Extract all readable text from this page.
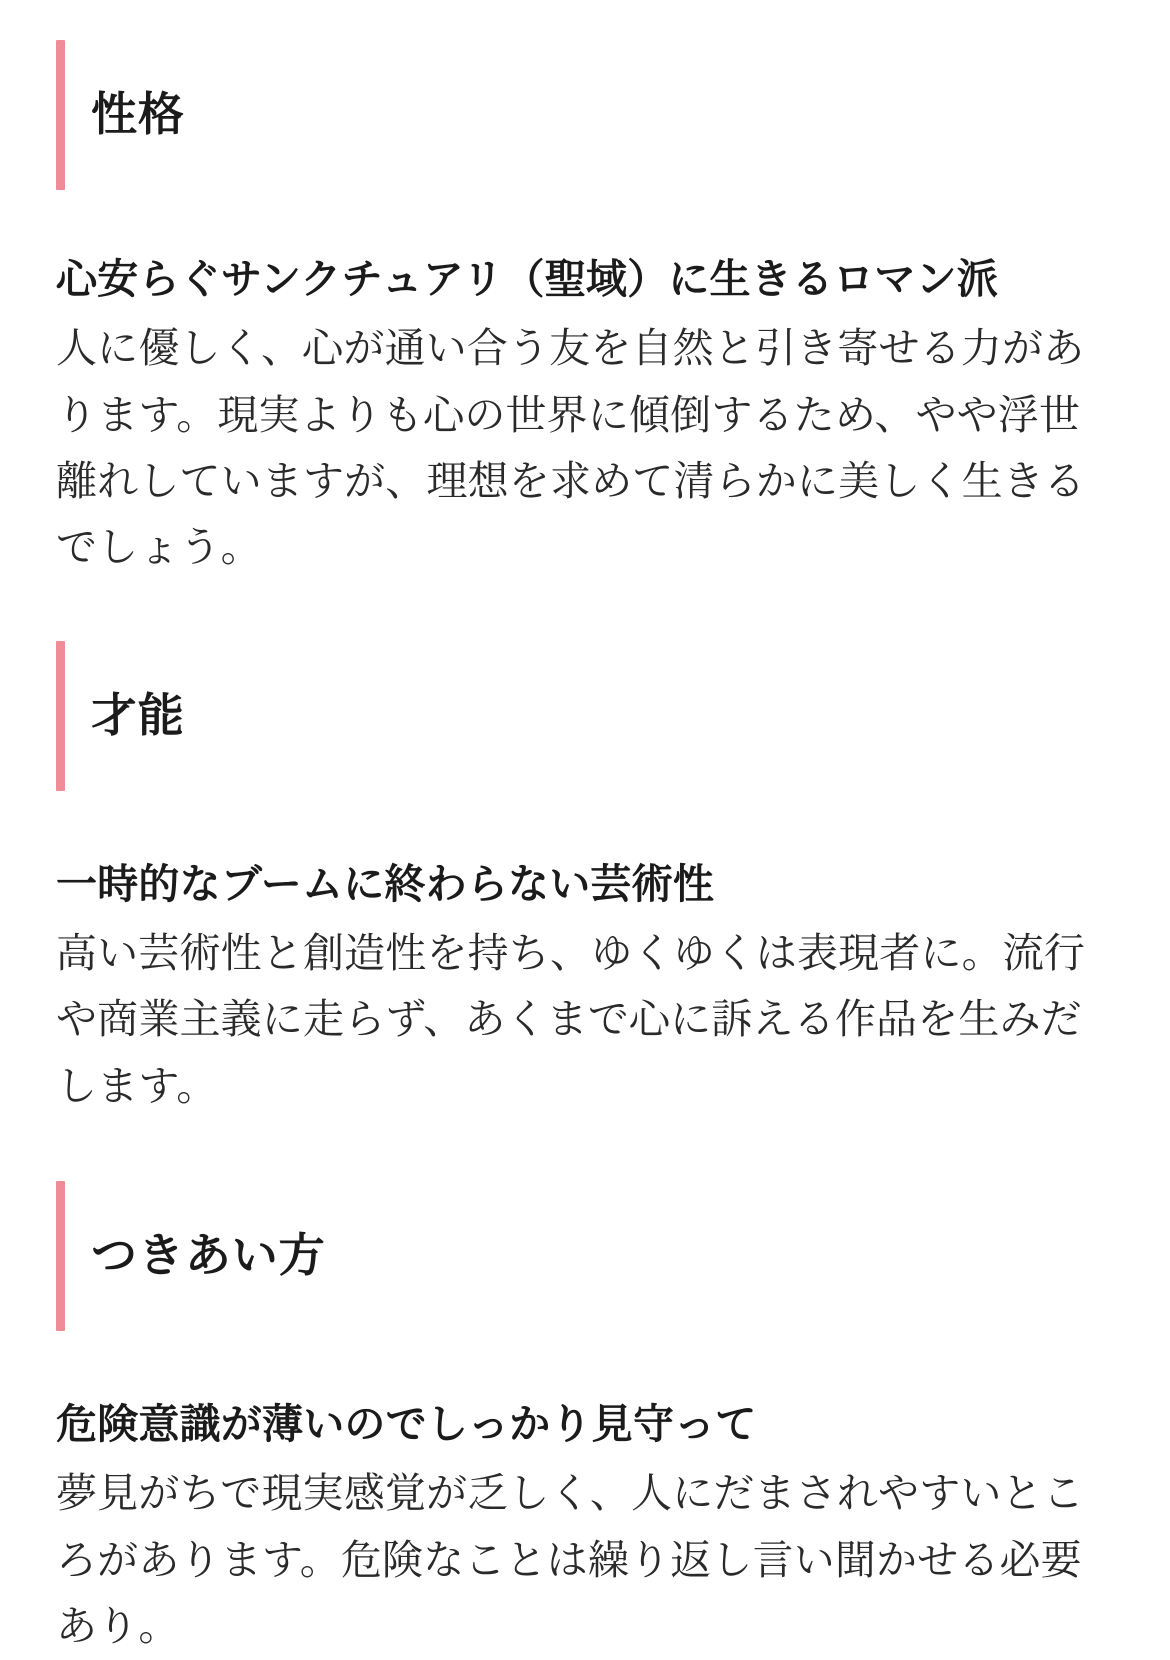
性格
心安らぐサンクチュアリ（聖域）に生きるロマン派

人に優しく、心が通い合う友を自然と引き寄せる力があります。現実よりも心の世界に傾倒するため、やや浮世離れしていますが、理想を求めて清らかに美しく生きるでしょう。

才能
一時的なブームに終わらない芸術性

高い芸術性と創造性を持ち、ゆくゆくは表現者に。流行や商業主義に走らず、あくまで心に訴える作品を生みだします。

つきあい方
危険意識が薄いのでしっかり見守って

夢見がちで現実感覚が乏しく、人にだまされやすいところがあります。危険なことは繰り返し言い聞かせる必要あり。
